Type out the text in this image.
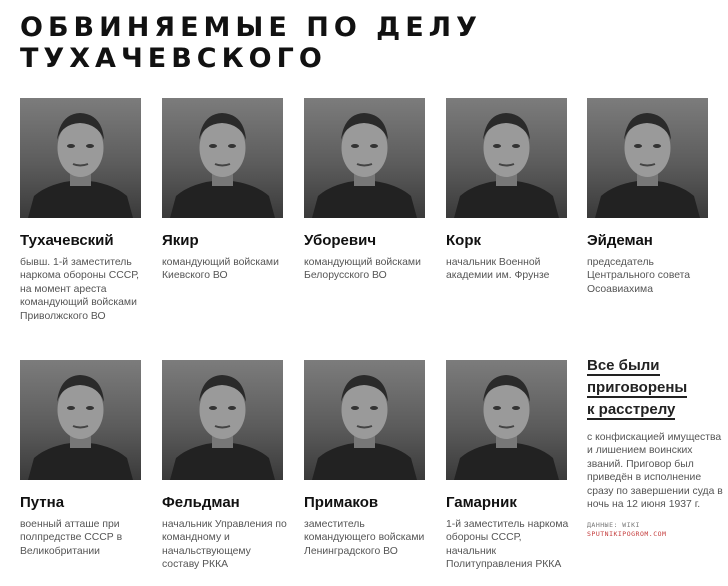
ОБВИНЯЕМЫЕ ПО ДЕЛУ
ТУХАЧЕВСКОГО
Тухачевский
бывш. 1-й заместитель наркома обороны СССР, на момент ареста командующий войсками Приволжского ВО
Якир
командующий войсками Киевского ВО
Уборевич
командующий войсками Белорусского ВО
Корк
начальник Военной академии им. Фрунзе
Эйдеман
председатель Центрального совета Осоавиахима
Путна
военный атташе при полпредстве СССР в Великобритании
Фельдман
начальник Управления по командному и начальствующему составу РККА
Примаков
заместитель командующего войсками Ленинградского ВО
Гамарник
1-й заместитель наркома обороны СССР, начальник Политуправления РККА

Все были
приговорены
к расстрелу

с конфискацией имущества и лишением воинских званий. Приговор был приведён в исполнение сразу по завершении суда в ночь на 12 июня 1937 г.
ДАННЫЕ: WIKI
SPUTNIKIPOGROM.COM
